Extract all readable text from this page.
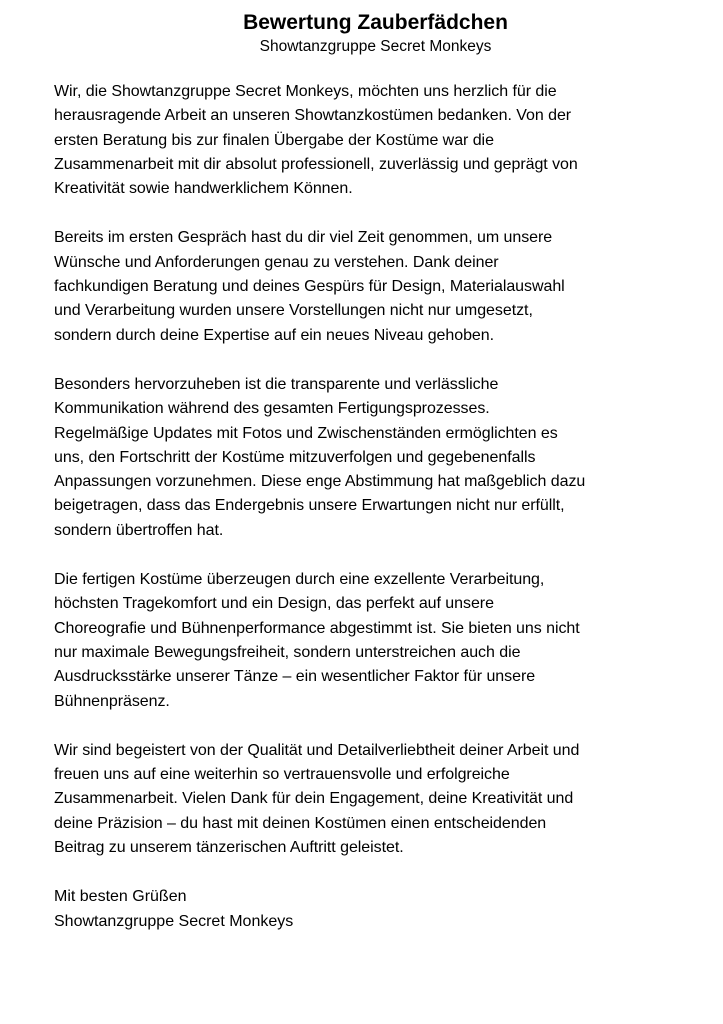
Bewertung Zauberfädchen
Showtanzgruppe Secret Monkeys

Wir, die Showtanzgruppe Secret Monkeys, möchten uns herzlich für die
herausragende Arbeit an unseren Showtanzkostümen bedanken. Von der
ersten Beratung bis zur finalen Übergabe der Kostüme war die
Zusammenarbeit mit dir absolut professionell, zuverlässig und geprägt von
Kreativität sowie handwerklichem Können.

Bereits im ersten Gespräch hast du dir viel Zeit genommen, um unsere
Wünsche und Anforderungen genau zu verstehen. Dank deiner
fachkundigen Beratung und deines Gespürs für Design, Materialauswahl
und Verarbeitung wurden unsere Vorstellungen nicht nur umgesetzt,
sondern durch deine Expertise auf ein neues Niveau gehoben.

Besonders hervorzuheben ist die transparente und verlässliche
Kommunikation während des gesamten Fertigungsprozesses.
Regelmäßige Updates mit Fotos und Zwischenständen ermöglichten es
uns, den Fortschritt der Kostüme mitzuverfolgen und gegebenenfalls
Anpassungen vorzunehmen. Diese enge Abstimmung hat maßgeblich dazu
beigetragen, dass das Endergebnis unsere Erwartungen nicht nur erfüllt,
sondern übertroffen hat.

Die fertigen Kostüme überzeugen durch eine exzellente Verarbeitung,
höchsten Tragekomfort und ein Design, das perfekt auf unsere
Choreografie und Bühnenperformance abgestimmt ist. Sie bieten uns nicht
nur maximale Bewegungsfreiheit, sondern unterstreichen auch die
Ausdrucksstärke unserer Tänze – ein wesentlicher Faktor für unsere
Bühnenpräsenz.

Wir sind begeistert von der Qualität und Detailverliebtheit deiner Arbeit und
freuen uns auf eine weiterhin so vertrauensvolle und erfolgreiche
Zusammenarbeit. Vielen Dank für dein Engagement, deine Kreativität und
deine Präzision – du hast mit deinen Kostümen einen entscheidenden
Beitrag zu unserem tänzerischen Auftritt geleistet.

Mit besten Grüßen
Showtanzgruppe Secret Monkeys
